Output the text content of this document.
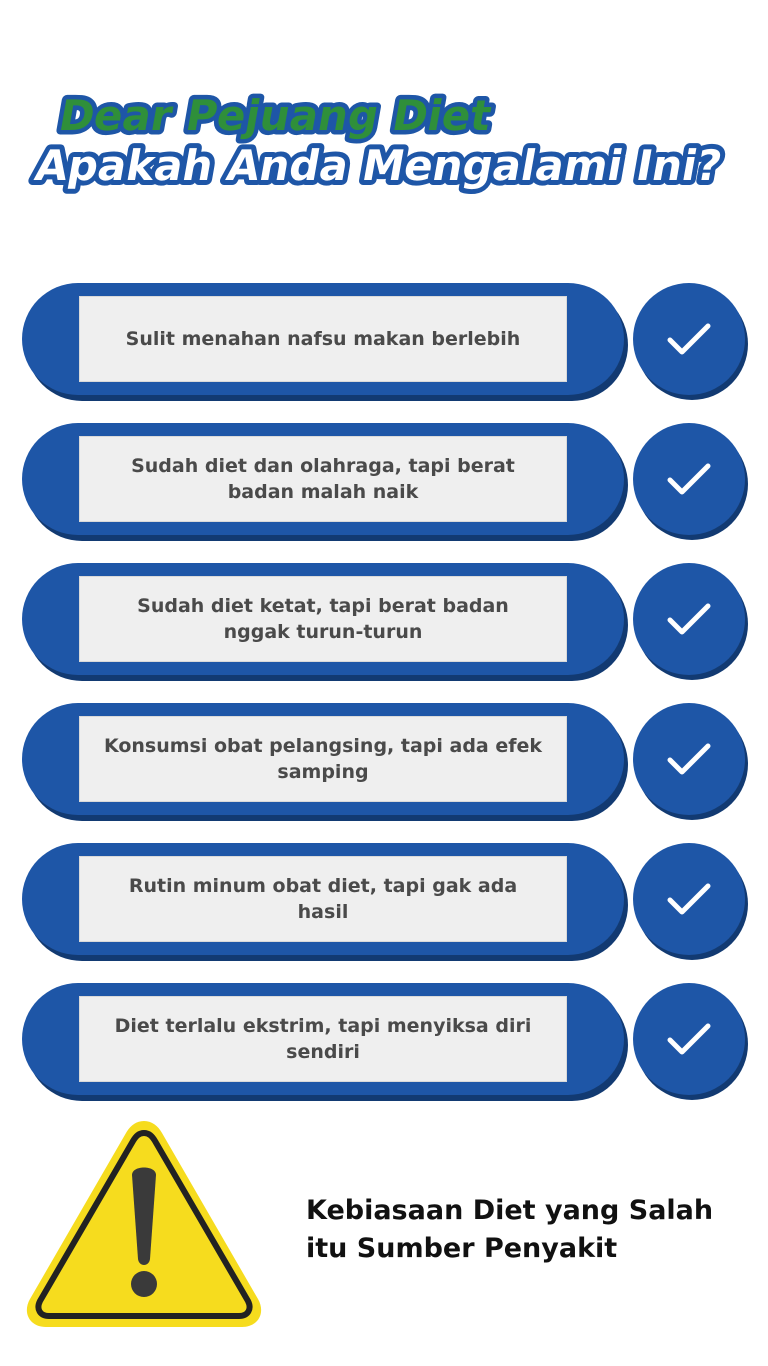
Dear Pejuang Diet
Apakah Anda Mengalami Ini?
Sulit menahan nafsu makan berlebih
Sudah diet dan olahraga, tapi berat badan malah naik
Sudah diet ketat, tapi berat badan nggak turun-turun
Konsumsi obat pelangsing, tapi ada efek samping
Rutin minum obat diet, tapi gak ada hasil
Diet terlalu ekstrim, tapi menyiksa diri sendiri
Kebiasaan Diet yang Salah
itu Sumber Penyakit
